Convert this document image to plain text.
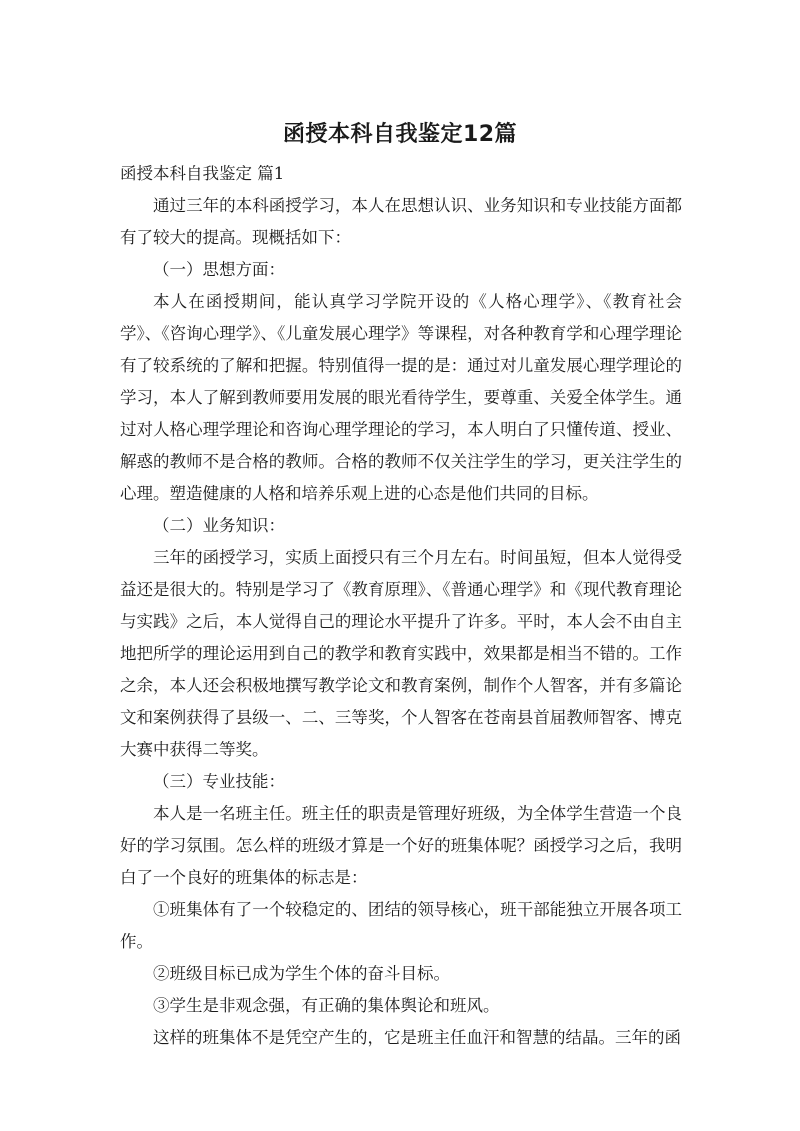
函授本科自我鉴定12篇

函授本科自我鉴定 篇1

通过三年的本科函授学习，本人在思想认识、业务知识和专业技能方面都有了较大的提高。现概括如下：

（一）思想方面：

本人在函授期间，能认真学习学院开设的《人格心理学》、《教育社会学》、《咨询心理学》、《儿童发展心理学》等课程，对各种教育学和心理学理论有了较系统的了解和把握。特别值得一提的是：通过对儿童发展心理学理论的学习，本人了解到教师要用发展的眼光看待学生，要尊重、关爱全体学生。通过对人格心理学理论和咨询心理学理论的学习，本人明白了只懂传道、授业、解惑的教师不是合格的教师。合格的教师不仅关注学生的学习，更关注学生的心理。塑造健康的人格和培养乐观上进的心态是他们共同的目标。

（二）业务知识：

三年的函授学习，实质上面授只有三个月左右。时间虽短，但本人觉得受益还是很大的。特别是学习了《教育原理》、《普通心理学》和《现代教育理论与实践》之后，本人觉得自己的理论水平提升了许多。平时，本人会不由自主地把所学的理论运用到自己的教学和教育实践中，效果都是相当不错的。工作之余，本人还会积极地撰写教学论文和教育案例，制作个人智客，并有多篇论文和案例获得了县级一、二、三等奖，个人智客在苍南县首届教师智客、博克大赛中获得二等奖。

（三）专业技能：

本人是一名班主任。班主任的职责是管理好班级，为全体学生营造一个良好的学习氛围。怎么样的班级才算是一个好的班集体呢？函授学习之后，我明白了一个良好的班集体的标志是：

①班集体有了一个较稳定的、团结的领导核心，班干部能独立开展各项工作。

②班级目标已成为学生个体的奋斗目标。

③学生是非观念强，有正确的集体舆论和班风。

这样的班集体不是凭空产生的，它是班主任血汗和智慧的结晶。三年的函
